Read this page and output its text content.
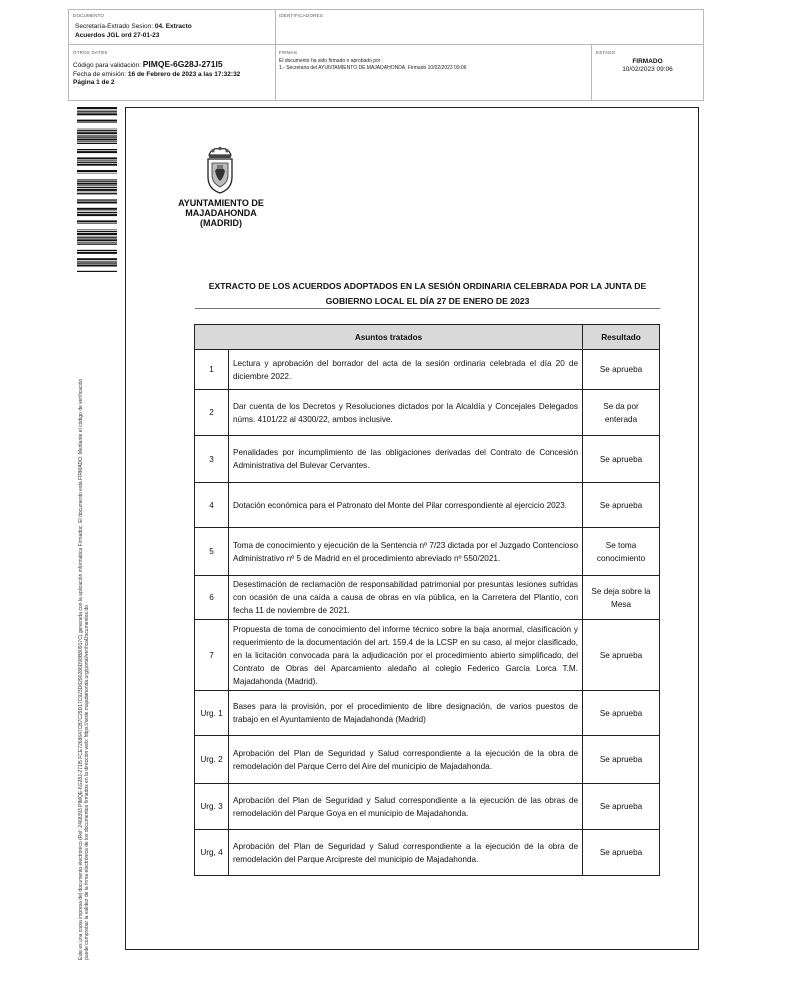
DOCUMENTO
Secretaría-Extrado Sesion: 04. Extracto
Acuerdos JGL ord 27-01-23
IDENTIFICADORES
OTROS DATOS
Código para validación: PIMQE-6G28J-271I5
Fecha de emisión: 16 de Febrero de 2023 a las 17:32:32
Página 1 de 2
FIRMAS
El documento ha sido firmado o aprobado por :
1.- Secretaria del AYUNTAMIENTO DE MAJADAHONDA. Firmado 10/02/2023 09:06
ESTADO
FIRMADO
10/02/2023 09:06
Este es una copia impresa del documento electrónico (Ref: 2468393 PIMQE-6G28J-271I5 FCE7268647CB7C29D17C923D6290286D98B80917C) generada con la aplicación informática Firmadoc. El documento está FIRMADO. Mediante el código de verificación puede comprobar la validez de la firma electrónica de los documentos firmados en la dirección web: https://sede.majadahonda.org/portal/verificaDocumentos.do
AYUNTAMIENTO DE
MAJADAHONDA
(MADRID)
EXTRACTO DE LOS ACUERDOS ADOPTADOS EN LA SESIÓN ORDINARIA CELEBRADA POR LA JUNTA DE
GOBIERNO LOCAL EL DÍA 27 DE ENERO DE 2023
Asuntos tratados		Resultado
1	Lectura y aprobación del borrador del acta de la sesión ordinaria celebrada el día 20 de diciembre 2022.	Se aprueba
2	Dar cuenta de los Decretos y Resoluciones dictados por la Alcaldía y Concejales Delegados núms. 4101/22 al 4300/22, ambos inclusive.	Se da por enterada
3	Penalidades por incumplimiento de las obligaciones derivadas del Contrato de Concesión Administrativa del Bulevar Cervantes.	Se aprueba
4	Dotación económica para el Patronato del Monte del Pilar correspondiente al ejercicio 2023.	Se aprueba
5	Toma de conocimiento y ejecución de la Sentencia nº 7/23 dictada por el Juzgado Contencioso Administrativo nº 5 de Madrid en el procedimiento abreviado nº 550/2021.	Se toma conocimiento
6	Desestimación de reclamación de responsabilidad patrimonial por presuntas lesiones sufridas con ocasión de una caída a causa de obras en vía pública, en la Carretera del Plantío, con fecha 11 de noviembre de 2021.	Se deja sobre la Mesa
7	Propuesta de toma de conocimiento del informe técnico sobre la baja anormal, clasificación y requerimiento de la documentación del art. 159.4 de la LCSP en su caso, al mejor clasificado, en la licitación convocada para la adjudicación por el procedimiento abierto simplificado, del Contrato de Obras del Aparcamiento aledaño al colegio Federico García Lorca T.M. Majadahonda (Madrid).	Se aprueba
Urg. 1	Bases para la provisión, por el procedimiento de libre designación, de varios puestos de trabajo en el Ayuntamiento de Majadahonda (Madrid)	Se aprueba
Urg. 2	Aprobación del Plan de Seguridad y Salud correspondiente a la ejecución de la obra de remodelación del Parque Cerro del Aire del municipio de Majadahonda.	Se aprueba
Urg. 3	Aprobación del Plan de Seguridad y Salud correspondiente a la ejecución de las obras de remodelación del Parque Goya en el municipio de Majadahonda.	Se aprueba
Urg, 4	Aprobación del Plan de Seguridad y Salud correspondiente a la ejecución de la obra de remodelación del Parque Arcipreste del municipio de Majadahonda.	Se aprueba
